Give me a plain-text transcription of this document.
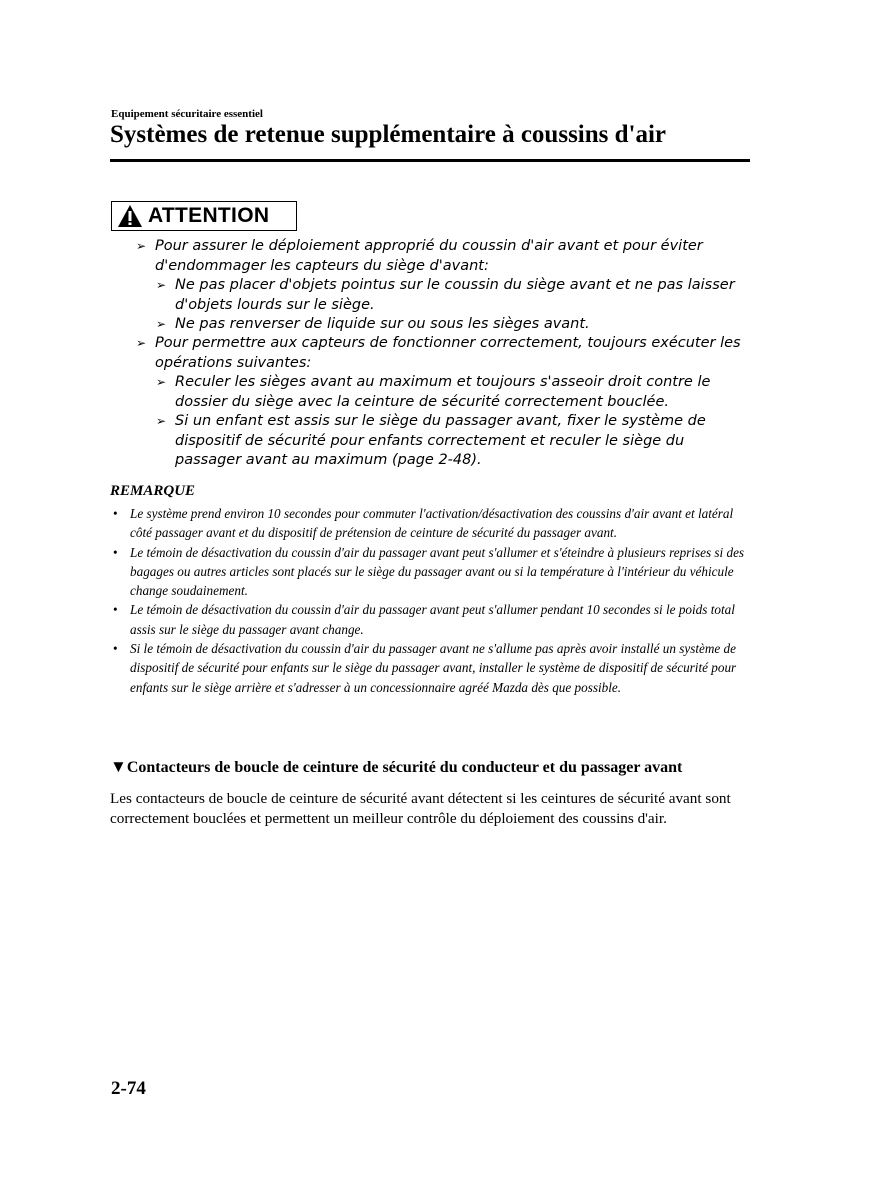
Equipement sécuritaire essentiel
Systèmes de retenue supplémentaire à coussins d'air
ATTENTION
➢ Pour assurer le déploiement approprié du coussin d'air avant et pour éviter d'endommager les capteurs du siège d'avant:
➢ Ne pas placer d'objets pointus sur le coussin du siège avant et ne pas laisser d'objets lourds sur le siège.
➢ Ne pas renverser de liquide sur ou sous les sièges avant.
➢ Pour permettre aux capteurs de fonctionner correctement, toujours exécuter les opérations suivantes:
➢ Reculer les sièges avant au maximum et toujours s'asseoir droit contre le dossier du siège avec la ceinture de sécurité correctement bouclée.
➢ Si un enfant est assis sur le siège du passager avant, fixer le système de dispositif de sécurité pour enfants correctement et reculer le siège du passager avant au maximum (page 2-48).
REMARQUE
• Le système prend environ 10 secondes pour commuter l'activation/désactivation des coussins d'air avant et latéral côté passager avant et du dispositif de prétension de ceinture de sécurité du passager avant.
• Le témoin de désactivation du coussin d'air du passager avant peut s'allumer et s'éteindre à plusieurs reprises si des bagages ou autres articles sont placés sur le siège du passager avant ou si la température à l'intérieur du véhicule change soudainement.
• Le témoin de désactivation du coussin d'air du passager avant peut s'allumer pendant 10 secondes si le poids total assis sur le siège du passager avant change.
• Si le témoin de désactivation du coussin d'air du passager avant ne s'allume pas après avoir installé un système de dispositif de sécurité pour enfants sur le siège du passager avant, installer le système de dispositif de sécurité pour enfants sur le siège arrière et s'adresser à un concessionnaire agréé Mazda dès que possible.
▼Contacteurs de boucle de ceinture de sécurité du conducteur et du passager avant

Les contacteurs de boucle de ceinture de sécurité avant détectent si les ceintures de sécurité avant sont correctement bouclées et permettent un meilleur contrôle du déploiement des coussins d'air.

2-74
